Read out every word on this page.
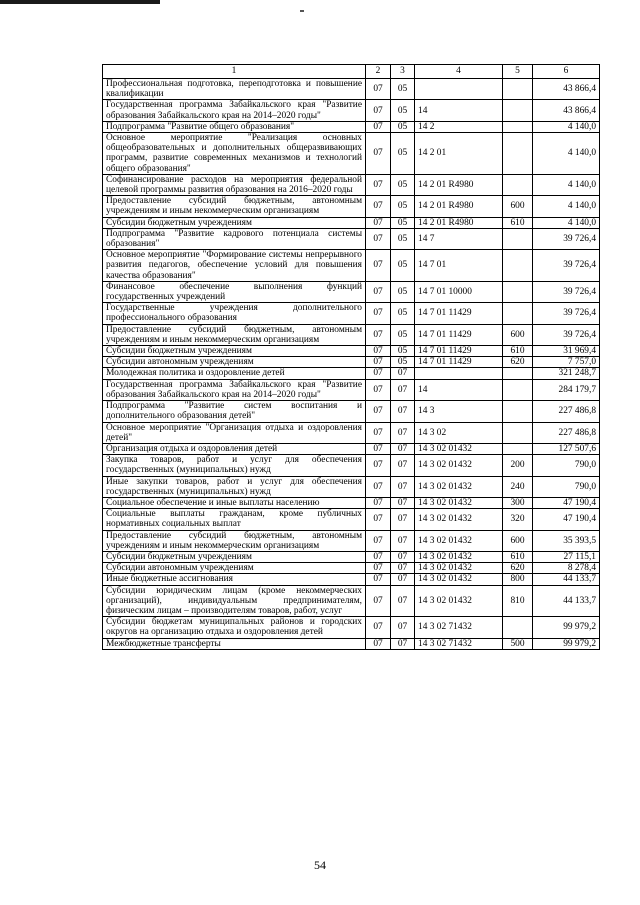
1	2	3	4	5	6
Профессиональная подготовка, переподготовка и повышение квалификации	07	05			43 866,4
Государственная программа Забайкальского края "Развитие образования Забайкальского края на 2014–2020 годы"	07	05	14		43 866,4
Подпрограмма "Развитие общего образования"	07	05	14 2		4 140,0
Основное мероприятие "Реализация основных общеобразовательных и дополнительных общеразвивающих программ, развитие современных механизмов и технологий общего образования"	07	05	14 2 01		4 140,0
Софинансирование расходов на мероприятия федеральной целевой программы развития образования на 2016–2020 годы	07	05	14 2 01 R4980		4 140,0
Предоставление субсидий бюджетным, автономным учреждениям и иным некоммерческим организациям	07	05	14 2 01 R4980	600	4 140,0
Субсидии бюджетным учреждениям	07	05	14 2 01 R4980	610	4 140,0
Подпрограмма "Развитие кадрового потенциала системы образования"	07	05	14 7		39 726,4
Основное мероприятие "Формирование системы непрерывного развития педагогов, обеспечение условий для повышения качества образования"	07	05	14 7 01		39 726,4
Финансовое обеспечение выполнения функций государственных учреждений	07	05	14 7 01 10000		39 726,4
Государственные учреждения дополнительного профессионального образования	07	05	14 7 01 11429		39 726,4
Предоставление субсидий бюджетным, автономным учреждениям и иным некоммерческим организациям	07	05	14 7 01 11429	600	39 726,4
Субсидии бюджетным учреждениям	07	05	14 7 01 11429	610	31 969,4
Субсидии автономным учреждениям	07	05	14 7 01 11429	620	7 757,0
Молодежная политика и оздоровление детей	07	07			321 248,7
Государственная программа Забайкальского края "Развитие образования Забайкальского края на 2014–2020 годы"	07	07	14		284 179,7
Подпрограмма "Развитие систем воспитания и дополнительного образования детей"	07	07	14 3		227 486,8
Основное мероприятие "Организация отдыха и оздоровления детей"	07	07	14 3 02		227 486,8
Организация отдыха и оздоровления детей	07	07	14 3 02 01432		127 507,6
Закупка товаров, работ и услуг для обеспечения государственных (муниципальных) нужд	07	07	14 3 02 01432	200	790,0
Иные закупки товаров, работ и услуг для обеспечения государственных (муниципальных) нужд	07	07	14 3 02 01432	240	790,0
Социальное обеспечение и иные выплаты населению	07	07	14 3 02 01432	300	47 190,4
Социальные выплаты гражданам, кроме публичных нормативных социальных выплат	07	07	14 3 02 01432	320	47 190,4
Предоставление субсидий бюджетным, автономным учреждениям и иным некоммерческим организациям	07	07	14 3 02 01432	600	35 393,5
Субсидии бюджетным учреждениям	07	07	14 3 02 01432	610	27 115,1
Субсидии автономным учреждениям	07	07	14 3 02 01432	620	8 278,4
Иные бюджетные ассигнования	07	07	14 3 02 01432	800	44 133,7
Субсидии юридическим лицам (кроме некоммерческих организаций), индивидуальным предпринимателям, физическим лицам – производителям товаров, работ, услуг	07	07	14 3 02 01432	810	44 133,7
Субсидии бюджетам муниципальных районов и городских округов на организацию отдыха и оздоровления детей	07	07	14 3 02 71432		99 979,2
Межбюджетные трансферты	07	07	14 3 02 71432	500	99 979,2
54
